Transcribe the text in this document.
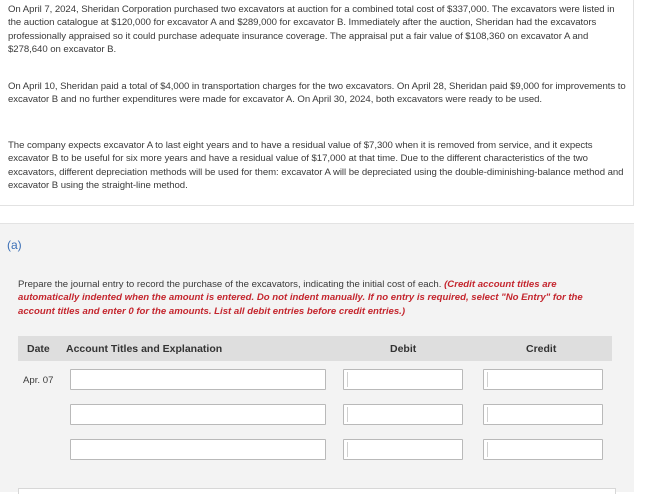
On April 7, 2024, Sheridan Corporation purchased two excavators at auction for a combined total cost of $337,000. The excavators were listed in the auction catalogue at $120,000 for excavator A and $289,000 for excavator B. Immediately after the auction, Sheridan had the excavators professionally appraised so it could purchase adequate insurance coverage. The appraisal put a fair value of $108,360 on excavator A and $278,640 on excavator B.

On April 10, Sheridan paid a total of $4,000 in transportation charges for the two excavators. On April 28, Sheridan paid $9,000 for improvements to excavator B and no further expenditures were made for excavator A. On April 30, 2024, both excavators were ready to be used.

The company expects excavator A to last eight years and to have a residual value of $7,300 when it is removed from service, and it expects excavator B to be useful for six more years and have a residual value of $17,000 at that time. Due to the different characteristics of the two excavators, different depreciation methods will be used for them: excavator A will be depreciated using the double-diminishing-balance method and excavator B using the straight-line method.

(a)

Prepare the journal entry to record the purchase of the excavators, indicating the initial cost of each. (Credit account titles are automatically indented when the amount is entered. Do not indent manually. If no entry is required, select "No Entry" for the account titles and enter 0 for the amounts. List all debit entries before credit entries.)

Date Account Titles and Explanation	Debit	Credit
Apr. 07
